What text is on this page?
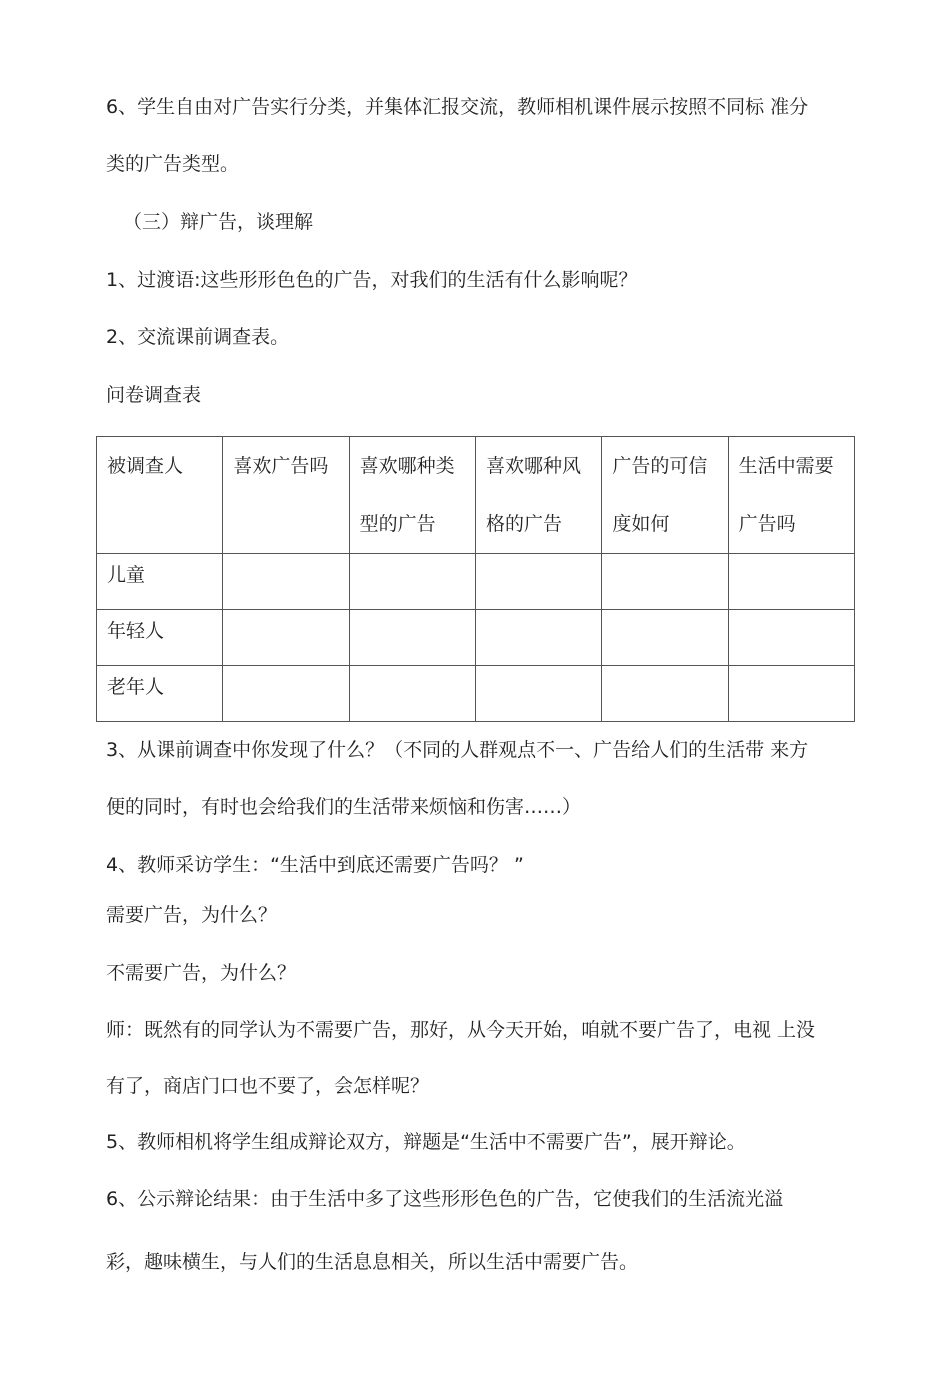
6、学生自由对广告实行分类，并集体汇报交流，教师相机课件展示按照不同标 准分
类的广告类型。
（三）辩广告，谈理解
1、过渡语:这些形形色色的广告，对我们的生活有什么影响呢？
2、交流课前调查表。
问卷调查表
被调查人	喜欢广告吗	喜欢哪种类型的广告	喜欢哪种风格的广告	广告的可信度如何	生活中需要广告吗

儿童					
年轻人					
老年人					
3、从课前调查中你发现了什么？（不同的人群观点不一、广告给人们的生活带 来方
便的同时，有时也会给我们的生活带来烦恼和伤害……）
4、教师采访学生：“生活中到底还需要广告吗？ ”
需要广告，为什么？
不需要广告，为什么？
师：既然有的同学认为不需要广告，那好，从今天开始，咱就不要广告了，电视 上没
有了，商店门口也不要了，会怎样呢？
5、教师相机将学生组成辩论双方，辩题是“生活中不需要广告”，展开辩论。
6、公示辩论结果：由于生活中多了这些形形色色的广告，它使我们的生活流光溢
彩，趣味横生，与人们的生活息息相关，所以生活中需要广告。
